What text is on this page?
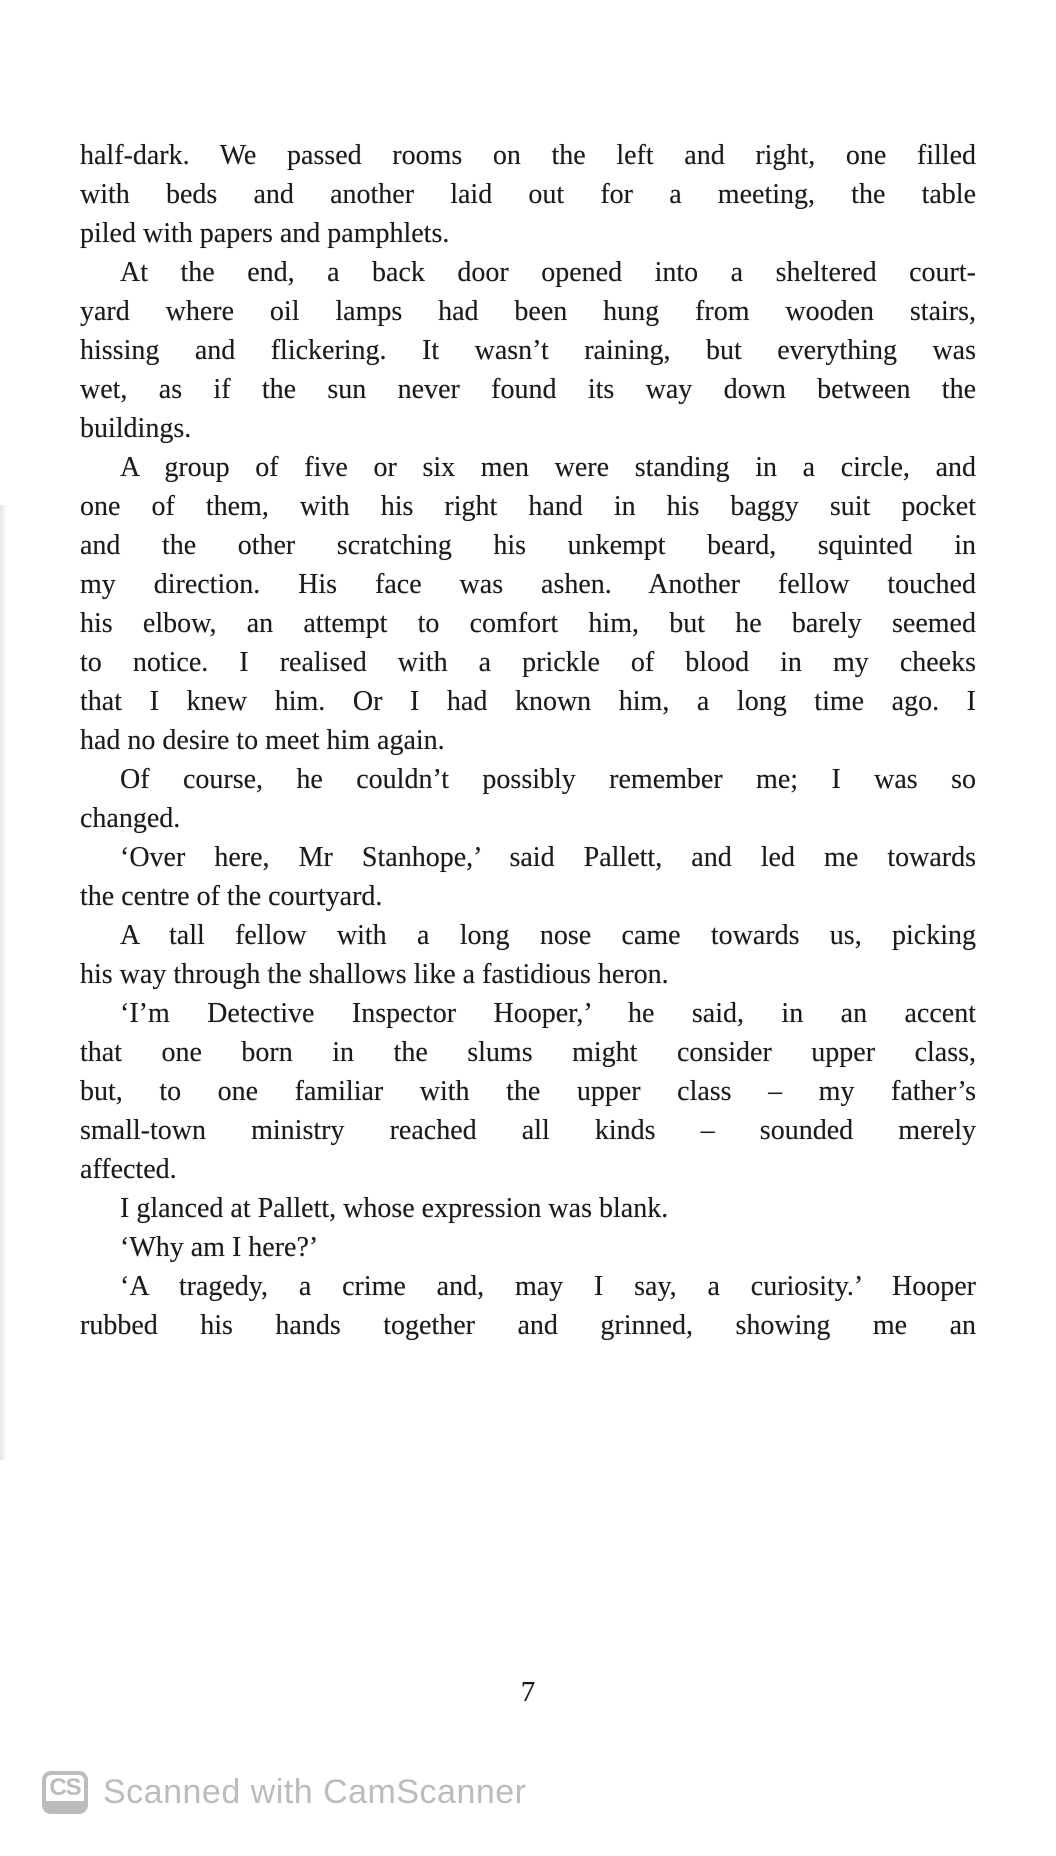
half-dark. We passed rooms on the left and right, one filled
with beds and another laid out for a meeting, the table
piled with papers and pamphlets.
At the end, a back door opened into a sheltered court-
yard where oil lamps had been hung from wooden stairs,
hissing and flickering. It wasn’t raining, but everything was
wet, as if the sun never found its way down between the
buildings.
A group of five or six men were standing in a circle, and
one of them, with his right hand in his baggy suit pocket
and the other scratching his unkempt beard, squinted in
my direction. His face was ashen. Another fellow touched
his elbow, an attempt to comfort him, but he barely seemed
to notice. I realised with a prickle of blood in my cheeks
that I knew him. Or I had known him, a long time ago. I
had no desire to meet him again.
Of course, he couldn’t possibly remember me; I was so
changed.
‘Over here, Mr Stanhope,’ said Pallett, and led me towards
the centre of the courtyard.
A tall fellow with a long nose came towards us, picking
his way through the shallows like a fastidious heron.
‘I’m Detective Inspector Hooper,’ he said, in an accent
that one born in the slums might consider upper class,
but, to one familiar with the upper class – my father’s
small-town ministry reached all kinds – sounded merely
affected.
I glanced at Pallett, whose expression was blank.
‘Why am I here?’
‘A tragedy, a crime and, may I say, a curiosity.’ Hooper
rubbed his hands together and grinned, showing me an
7
CS Scanned with CamScanner
